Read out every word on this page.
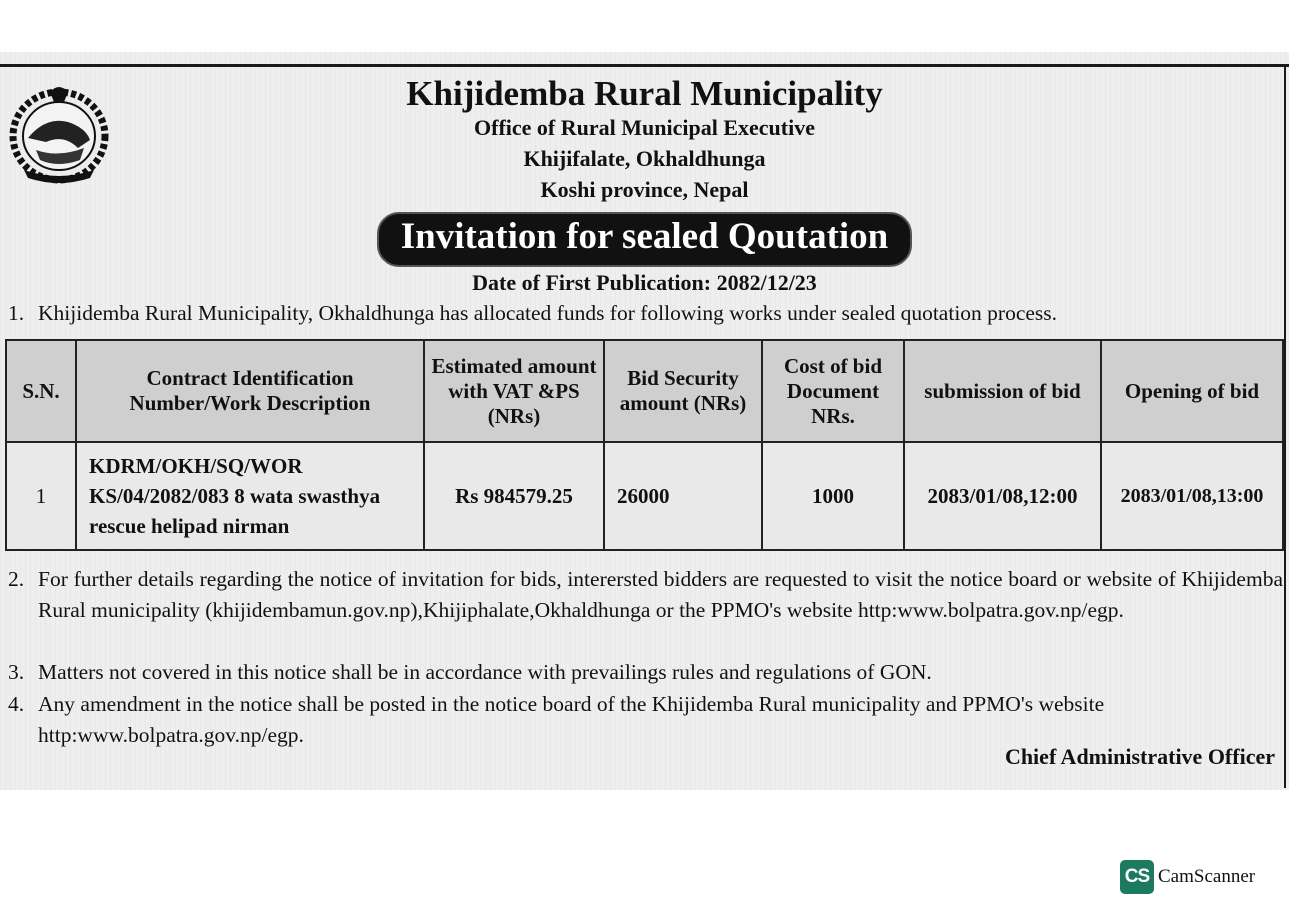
Khijidemba Rural Municipality
Office of Rural Municipal Executive
Khijifalate, Okhaldhunga
Koshi province, Nepal
Invitation for sealed Qoutation
Date of First Publication: 2082/12/23
1. Khijidemba Rural Municipality, Okhaldhunga has allocated funds for following works under sealed quotation process.
S.N.	Contract Identification Number/Work Description	Estimated amount with VAT &PS (NRs)	Bid Security amount (NRs)	Cost of bid Document NRs.	submission of bid	Opening of bid
1	KDRM/OKH/SQ/WOR
KS/04/2082/083 8 wata swasthya
rescue helipad nirman	Rs 984579.25	26000	1000	2083/01/08,12:00	2083/01/08,13:00
2. For further details regarding the notice of invitation for bids, interersted bidders are requested to visit the notice board or website of Khijidemba Rural municipality (khijidembamun.gov.np),Khijiphalate,Okhaldhunga or the PPMO's website http:www.bolpatra.gov.np/egp.
3. Matters not covered in this notice shall be in accordance with prevailings rules and regulations of GON.
4. Any amendment in the notice shall be posted in the notice board of the Khijidemba Rural municipality and PPMO's website http:www.bolpatra.gov.np/egp.
Chief Administrative Officer
CS CamScanner
